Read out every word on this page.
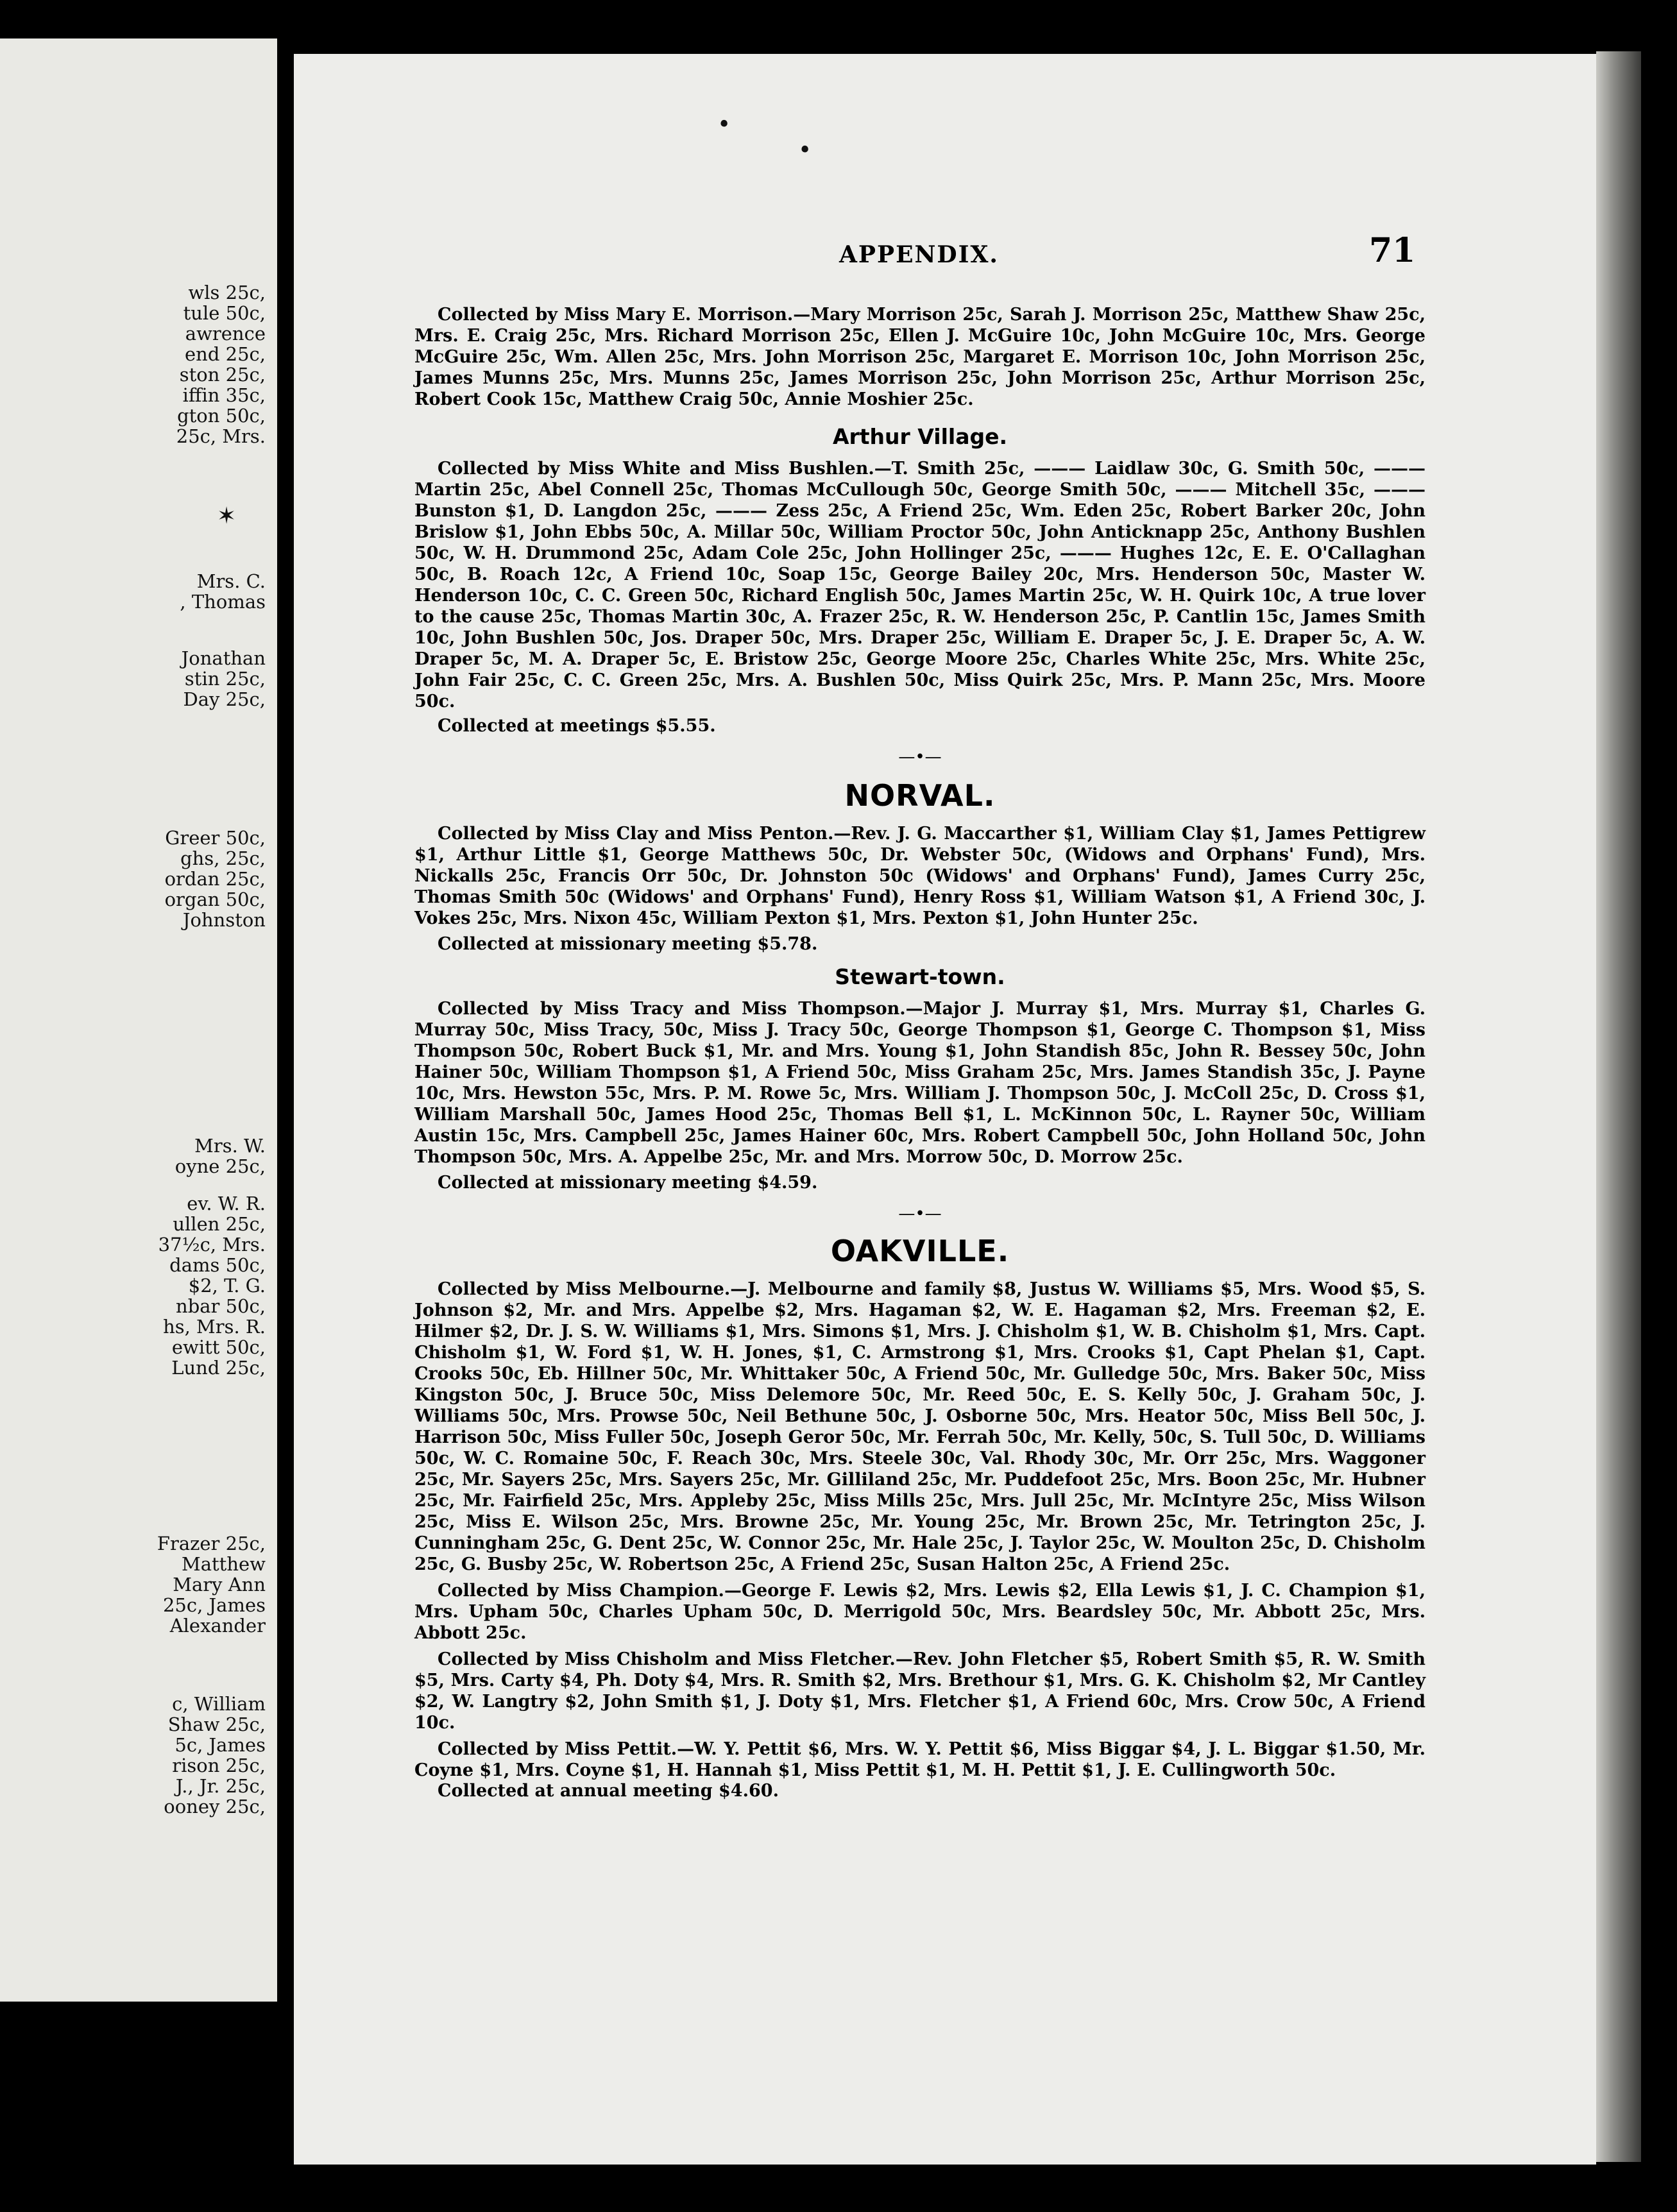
wls 25c,
tule 50c,
awrence
end 25c,
ston 25c,
iffin 35c,
gton 50c,
25c, Mrs.
Mrs. C.
, Thomas
Jonathan
stin 25c,
Day 25c,
Greer 50c,
ghs, 25c,
ordan 25c,
organ 50c,
Johnston
Mrs. W.
oyne 25c,
ev. W. R.
ullen 25c,
37½c, Mrs.
dams 50c,
$2, T. G.
nbar 50c,
hs, Mrs. R.
ewitt 50c,
Lund 25c,
Frazer 25c,
Matthew
Mary Ann
25c, James
Alexander
c, William
Shaw 25c,
5c, James
rison 25c,
J., Jr. 25c,
ooney 25c,
•
•
✶
APPENDIX.	71

Collected by Miss Mary E. Morrison.—Mary Morrison 25c, Sarah J. Morrison 25c, Matthew Shaw 25c, Mrs. E. Craig 25c, Mrs. Richard Morrison 25c, Ellen J. McGuire 10c, John McGuire 10c, Mrs. George McGuire 25c, Wm. Allen 25c, Mrs. John Morrison 25c, Margaret E. Morrison 10c, John Morrison 25c, James Munns 25c, Mrs. Munns 25c, James Morrison 25c, John Morrison 25c, Arthur Morrison 25c, Robert Cook 15c, Matthew Craig 50c, Annie Moshier 25c.

Arthur Village.

Collected by Miss White and Miss Bushlen.—T. Smith 25c, ——— Laidlaw 30c, G. Smith 50c, ——— Martin 25c, Abel Connell 25c, Thomas McCullough 50c, George Smith 50c, ——— Mitchell 35c, ——— Bunston $1, D. Langdon 25c, ——— Zess 25c, A Friend 25c, Wm. Eden 25c, Robert Barker 20c, John Brislow $1, John Ebbs 50c, A. Millar 50c, William Proctor 50c, John Anticknapp 25c, Anthony Bushlen 50c, W. H. Drummond 25c, Adam Cole 25c, John Hollinger 25c, ——— Hughes 12c, E. E. O'Callaghan 50c, B. Roach 12c, A Friend 10c, Soap 15c, George Bailey 20c, Mrs. Henderson 50c, Master W. Henderson 10c, C. C. Green 50c, Richard English 50c, James Martin 25c, W. H. Quirk 10c, A true lover to the cause 25c, Thomas Martin 30c, A. Frazer 25c, R. W. Henderson 25c, P. Cantlin 15c, James Smith 10c, John Bushlen 50c, Jos. Draper 50c, Mrs. Draper 25c, William E. Draper 5c, J. E. Draper 5c, A. W. Draper 5c, M. A. Draper 5c, E. Bristow 25c, George Moore 25c, Charles White 25c, Mrs. White 25c, John Fair 25c, C. C. Green 25c, Mrs. A. Bushlen 50c, Miss Quirk 25c, Mrs. P. Mann 25c, Mrs. Moore 50c.

Collected at meetings $5.55.

—•—

NORVAL.

Collected by Miss Clay and Miss Penton.—Rev. J. G. Maccarther $1, William Clay $1, James Pettigrew $1, Arthur Little $1, George Matthews 50c, Dr. Webster 50c, (Widows and Orphans' Fund), Mrs. Nickalls 25c, Francis Orr 50c, Dr. Johnston 50c (Widows' and Orphans' Fund), James Curry 25c, Thomas Smith 50c (Widows' and Orphans' Fund), Henry Ross $1, William Watson $1, A Friend 30c, J. Vokes 25c, Mrs. Nixon 45c, William Pexton $1, Mrs. Pexton $1, John Hunter 25c.

Collected at missionary meeting $5.78.

Stewart-town.

Collected by Miss Tracy and Miss Thompson.—Major J. Murray $1, Mrs. Murray $1, Charles G. Murray 50c, Miss Tracy, 50c, Miss J. Tracy 50c, George Thompson $1, George C. Thompson $1, Miss Thompson 50c, Robert Buck $1, Mr. and Mrs. Young $1, John Standish 85c, John R. Bessey 50c, John Hainer 50c, William Thompson $1, A Friend 50c, Miss Graham 25c, Mrs. James Standish 35c, J. Payne 10c, Mrs. Hewston 55c, Mrs. P. M. Rowe 5c, Mrs. William J. Thompson 50c, J. McColl 25c, D. Cross $1, William Marshall 50c, James Hood 25c, Thomas Bell $1, L. McKinnon 50c, L. Rayner 50c, William Austin 15c, Mrs. Campbell 25c, James Hainer 60c, Mrs. Robert Campbell 50c, John Holland 50c, John Thompson 50c, Mrs. A. Appelbe 25c, Mr. and Mrs. Morrow 50c, D. Morrow 25c.

Collected at missionary meeting $4.59.

—•—

OAKVILLE.

Collected by Miss Melbourne.—J. Melbourne and family $8, Justus W. Williams $5, Mrs. Wood $5, S. Johnson $2, Mr. and Mrs. Appelbe $2, Mrs. Hagaman $2, W. E. Hagaman $2, Mrs. Freeman $2, E. Hilmer $2, Dr. J. S. W. Williams $1, Mrs. Simons $1, Mrs. J. Chisholm $1, W. B. Chisholm $1, Mrs. Capt. Chisholm $1, W. Ford $1, W. H. Jones, $1, C. Armstrong $1, Mrs. Crooks $1, Capt Phelan $1, Capt. Crooks 50c, Eb. Hillner 50c, Mr. Whittaker 50c, A Friend 50c, Mr. Gulledge 50c, Mrs. Baker 50c, Miss Kingston 50c, J. Bruce 50c, Miss Delemore 50c, Mr. Reed 50c, E. S. Kelly 50c, J. Graham 50c, J. Williams 50c, Mrs. Prowse 50c, Neil Bethune 50c, J. Osborne 50c, Mrs. Heator 50c, Miss Bell 50c, J. Harrison 50c, Miss Fuller 50c, Joseph Geror 50c, Mr. Ferrah 50c, Mr. Kelly, 50c, S. Tull 50c, D. Williams 50c, W. C. Romaine 50c, F. Reach 30c, Mrs. Steele 30c, Val. Rhody 30c, Mr. Orr 25c, Mrs. Waggoner 25c, Mr. Sayers 25c, Mrs. Sayers 25c, Mr. Gilliland 25c, Mr. Puddefoot 25c, Mrs. Boon 25c, Mr. Hubner 25c, Mr. Fairfield 25c, Mrs. Appleby 25c, Miss Mills 25c, Mrs. Jull 25c, Mr. McIntyre 25c, Miss Wilson 25c, Miss E. Wilson 25c, Mrs. Browne 25c, Mr. Young 25c, Mr. Brown 25c, Mr. Tetrington 25c, J. Cunningham 25c, G. Dent 25c, W. Connor 25c, Mr. Hale 25c, J. Taylor 25c, W. Moulton 25c, D. Chisholm 25c, G. Busby 25c, W. Robertson 25c, A Friend 25c, Susan Halton 25c, A Friend 25c.

Collected by Miss Champion.—George F. Lewis $2, Mrs. Lewis $2, Ella Lewis $1, J. C. Champion $1, Mrs. Upham 50c, Charles Upham 50c, D. Merrigold 50c, Mrs. Beardsley 50c, Mr. Abbott 25c, Mrs. Abbott 25c.

Collected by Miss Chisholm and Miss Fletcher.—Rev. John Fletcher $5, Robert Smith $5, R. W. Smith $5, Mrs. Carty $4, Ph. Doty $4, Mrs. R. Smith $2, Mrs. Brethour $1, Mrs. G. K. Chisholm $2, Mr Cantley $2, W. Langtry $2, John Smith $1, J. Doty $1, Mrs. Fletcher $1, A Friend 60c, Mrs. Crow 50c, A Friend 10c.

Collected by Miss Pettit.—W. Y. Pettit $6, Mrs. W. Y. Pettit $6, Miss Biggar $4, J. L. Biggar $1.50, Mr. Coyne $1, Mrs. Coyne $1, H. Hannah $1, Miss Pettit $1, M. H. Pettit $1, J. E. Cullingworth 50c.

Collected at annual meeting $4.60.
